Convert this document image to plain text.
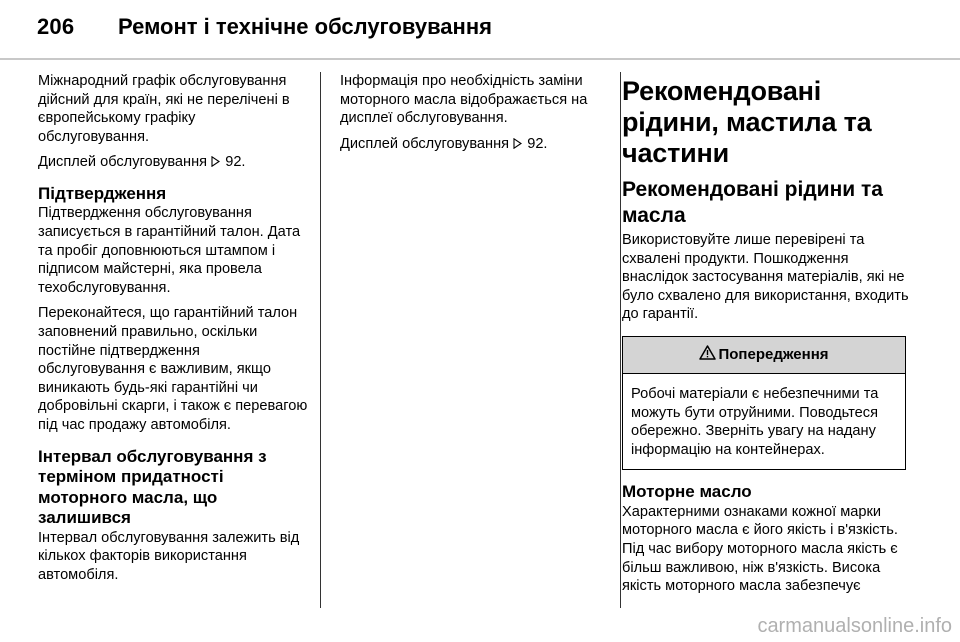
206 Ремонт і технічне обслуговування

Міжнародний графік обслуговування дійсний для країн, які не перелічені в європейському графіку обслуговування.

Дисплей обслуговування 92.

Підтвердження

Підтвердження обслуговування записується в гарантійний талон. Дата та пробіг доповнюються штампом і підписом майстерні, яка провела техобслуговування.

Переконайтеся, що гарантійний талон заповнений правильно, оскільки постійне підтвердження обслуговування є важливим, якщо виникають будь-які гарантійні чи добровільні скарги, і також є перевагою під час продажу автомобіля.

Інтервал обслуговування з терміном придатності моторного масла, що залишився

Інтервал обслуговування залежить від кількох факторів використання автомобіля.

Інформація про необхідність заміни моторного масла відображається на дисплеї обслуговування.

Дисплей обслуговування 92.

Рекомендовані рідини, мастила та частини
Рекомендовані рідини та масла

Використовуйте лише перевірені та схвалені продукти. Пошкодження внаслідок застосування матеріалів, які не було схвалено для використання, входить до гарантії.

Попередження
Робочі матеріали є небезпечними та можуть бути отруйними. Поводьтеся обережно. Зверніть увагу на надану інформацію на контейнерах.
Моторне масло

Характерними ознаками кожної марки моторного масла є його якість і в'язкість. Під час вибору моторного масла якість є більш важливою, ніж в'язкість. Висока якість моторного масла забезпечує

carmanualsonline.info
